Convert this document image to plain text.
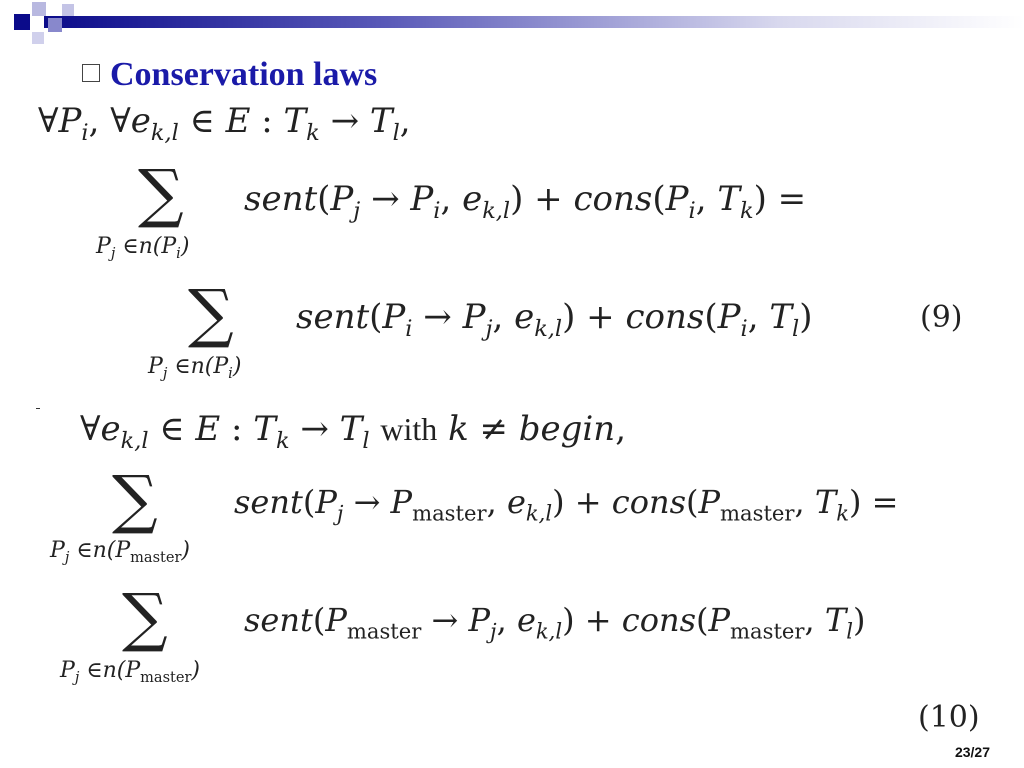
Conservation laws
$\forall P_i$, $\forall e_{k,l}$ ∈ E : $T_k \to T_l$,
∑
$P_j$ $\in n(P_i)$
$sent(P_j \to P_i$, $e_{k,l}$) + $cons(P_i$, $T_k$) =
∑
$P_j$ $\in n(P_i)$
$sent(P_i \to P_j$, $e_{k,l}$) + $cons(P_i$, $T_l$)	(9)
$\forall e_{k,l}$ ∈ E : $T_k \to T_l$ with k ≠ begin,
∑
$P_j$ $\in n(P_{master})$
$sent(P_j \to P_{master}$, $e_{k,l}$) + $cons(P_{master}$, $T_k$) =
∑
$P_j$ $\in n(P_{master})$
$sent(P_{master} \to P_j$, $e_{k,l}$) + $cons(P_{master}$, $T_l$)
(10)
23/27
